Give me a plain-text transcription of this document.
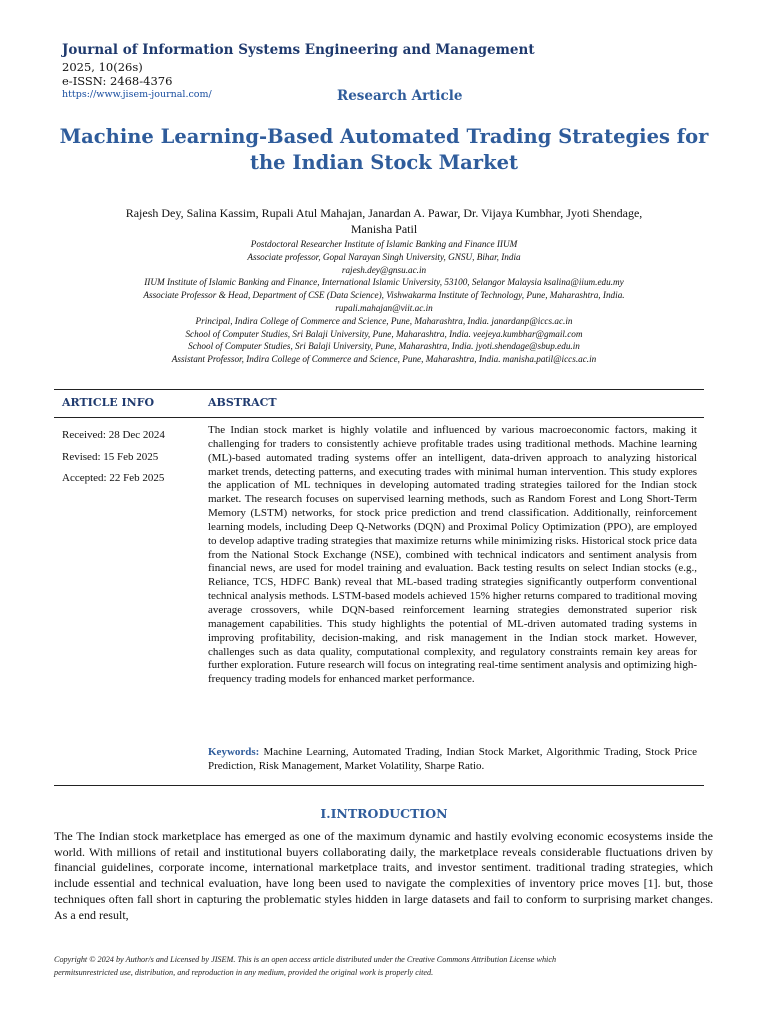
Journal of Information Systems Engineering and Management
2025, 10(26s)
e-ISSN: 2468-4376
https://www.jisem-journal.com/	Research Article
Machine Learning-Based Automated Trading Strategies for
the Indian Stock Market
Rajesh Dey, Salina Kassim, Rupali Atul Mahajan, Janardan A. Pawar, Dr. Vijaya Kumbhar, Jyoti Shendage,
Manisha Patil
Postdoctoral Researcher Institute of Islamic Banking and Finance IIUM
Associate professor, Gopal Narayan Singh University, GNSU, Bihar, India
rajesh.dey@gnsu.ac.in
IIUM Institute of Islamic Banking and Finance, International Islamic University, 53100, Selangor Malaysia ksalina@iium.edu.my
Associate Professor & Head, Department of CSE (Data Science), Vishwakarma Institute of Technology, Pune, Maharashtra, India.
rupali.mahajan@viit.ac.in
Principal, Indira College of Commerce and Science, Pune, Maharashtra, India. janardanp@iccs.ac.in
School of Computer Studies, Sri Balaji University, Pune, Maharashtra, India. veejeya.kumbhar@gmail.com
School of Computer Studies, Sri Balaji University, Pune, Maharashtra, India. jyoti.shendage@sbup.edu.in
Assistant Professor, Indira College of Commerce and Science, Pune, Maharashtra, India. manisha.patil@iccs.ac.in
ARTICLE INFO	ABSTRACT
Received: 28 Dec 2024
Revised: 15 Feb 2025
Accepted: 22 Feb 2025
The Indian stock market is highly volatile and influenced by various macroeconomic factors, making it challenging for traders to consistently achieve profitable trades using traditional methods. Machine learning (ML)-based automated trading systems offer an intelligent, data-driven approach to analyzing historical market trends, detecting patterns, and executing trades with minimal human intervention. This study explores the application of ML techniques in developing automated trading strategies tailored for the Indian stock market. The research focuses on supervised learning methods, such as Random Forest and Long Short-Term Memory (LSTM) networks, for stock price prediction and trend classification. Additionally, reinforcement learning models, including Deep Q-Networks (DQN) and Proximal Policy Optimization (PPO), are employed to develop adaptive trading strategies that maximize returns while minimizing risks. Historical stock price data from the National Stock Exchange (NSE), combined with technical indicators and sentiment analysis from financial news, are used for model training and evaluation. Back testing results on select Indian stocks (e.g., Reliance, TCS, HDFC Bank) reveal that ML-based trading strategies significantly outperform conventional technical analysis methods. LSTM-based models achieved 15% higher returns compared to traditional moving average crossovers, while DQN-based reinforcement learning strategies demonstrated superior risk management capabilities. This study highlights the potential of ML-driven automated trading systems in improving profitability, decision-making, and risk management in the Indian stock market. However, challenges such as data quality, computational complexity, and regulatory constraints remain key areas for further exploration. Future research will focus on integrating real-time sentiment analysis and optimizing high-frequency trading models for enhanced market performance.
Keywords: Machine Learning, Automated Trading, Indian Stock Market, Algorithmic Trading, Stock Price Prediction, Risk Management, Market Volatility, Sharpe Ratio.
I.INTRODUCTION
The The Indian stock marketplace has emerged as one of the maximum dynamic and hastily evolving economic ecosystems inside the world. With millions of retail and institutional buyers collaborating daily, the marketplace reveals considerable fluctuations driven by financial guidelines, corporate income, international marketplace traits, and investor sentiment. traditional trading strategies, which include essential and technical evaluation, have long been used to navigate the complexities of inventory price moves [1]. but, those techniques often fall short in capturing the problematic styles hidden in large datasets and fail to conform to surprising market changes. As a end result,
Copyright © 2024 by Author/s and Licensed by JISEM. This is an open access article distributed under the Creative Commons Attribution License which
permitsunrestricted use, distribution, and reproduction in any medium, provided the original work is properly cited.
